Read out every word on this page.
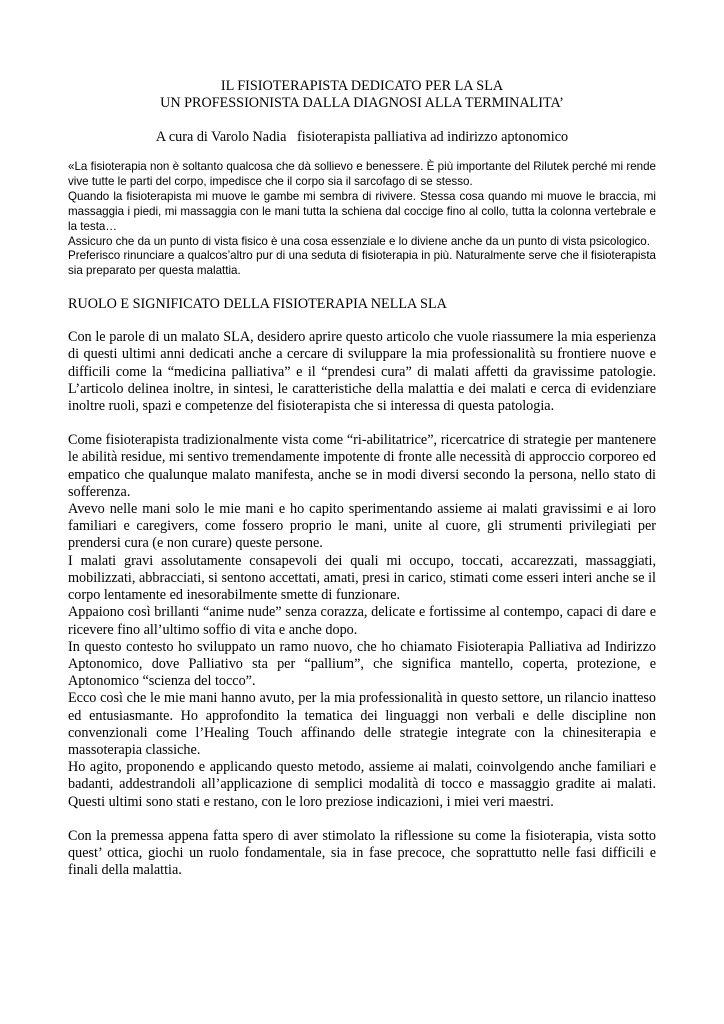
IL FISIOTERAPISTA DEDICATO PER LA SLA
UN PROFESSIONISTA DALLA DIAGNOSI ALLA TERMINALITA’
A cura di Varolo Nadia   fisioterapista palliativa ad indirizzo aptonomico

«La fisioterapia non è soltanto qualcosa che dà sollievo e benessere. È più importante del Rilutek perché mi rende vive tutte le parti del corpo, impedisce che il corpo sia il sarcofago di se stesso.

Quando la fisioterapista mi muove le gambe mi sembra di rivivere. Stessa cosa quando mi muove le braccia, mi massaggia i piedi, mi massaggia con le mani tutta la schiena dal coccige fino al collo, tutta la colonna vertebrale e la testa…

Assicuro che da un punto di vista fisico è una cosa essenziale e lo diviene anche da un punto di vista psicologico.

Preferisco rinunciare a qualcos’altro pur di una seduta di fisioterapia in più. Naturalmente serve che il fisioterapista sia preparato per questa malattia.

RUOLO E SIGNIFICATO DELLA FISIOTERAPIA NELLA SLA

Con le parole di un malato SLA, desidero aprire questo articolo che vuole riassumere la mia esperienza di questi ultimi anni dedicati anche a cercare di sviluppare la mia professionalità su frontiere nuove e difficili come la “medicina palliativa” e il “prendesi cura” di malati affetti da gravissime patologie. L’articolo delinea inoltre, in sintesi, le caratteristiche della malattia e dei malati e cerca di evidenziare inoltre ruoli, spazi e competenze del fisioterapista che si interessa di questa patologia.

Come fisioterapista tradizionalmente vista come “ri-abilitatrice”, ricercatrice di strategie per mantenere le abilità residue, mi sentivo tremendamente impotente di fronte alle necessità di approccio corporeo ed empatico che qualunque malato manifesta, anche se in modi diversi secondo la persona, nello stato di sofferenza.

Avevo nelle mani solo le mie mani e ho capito sperimentando assieme ai malati gravissimi e ai loro familiari e caregivers, come fossero proprio le mani, unite al cuore, gli strumenti privilegiati per prendersi cura (e non curare) queste persone.

I malati gravi assolutamente consapevoli dei quali mi occupo, toccati, accarezzati, massaggiati, mobilizzati, abbracciati, si sentono accettati, amati, presi in carico, stimati come esseri interi anche se il corpo lentamente ed inesorabilmente smette di funzionare.

Appaiono così brillanti “anime nude” senza corazza, delicate e fortissime al contempo, capaci di dare e ricevere fino all’ultimo soffio di vita e anche dopo.

In questo contesto ho sviluppato un ramo nuovo, che ho chiamato Fisioterapia Palliativa ad Indirizzo Aptonomico, dove Palliativo sta per “pallium”, che significa mantello, coperta, protezione, e Aptonomico “scienza del tocco”.

Ecco così che le mie mani hanno avuto, per la mia professionalità in questo settore, un rilancio inatteso ed entusiasmante. Ho approfondito la tematica dei linguaggi non verbali e delle discipline non convenzionali come l’Healing Touch affinando delle strategie integrate con la chinesiterapia e massoterapia classiche.

Ho agito, proponendo e applicando questo metodo, assieme ai malati, coinvolgendo anche familiari e badanti, addestrandoli all’applicazione di semplici modalità di tocco e massaggio gradite ai malati. Questi ultimi sono stati e restano, con le loro preziose indicazioni, i miei veri maestri.

Con la premessa appena fatta spero di aver stimolato la riflessione su come la fisioterapia, vista sotto quest’ ottica, giochi un ruolo fondamentale, sia in fase precoce, che soprattutto nelle fasi difficili e finali della malattia.
